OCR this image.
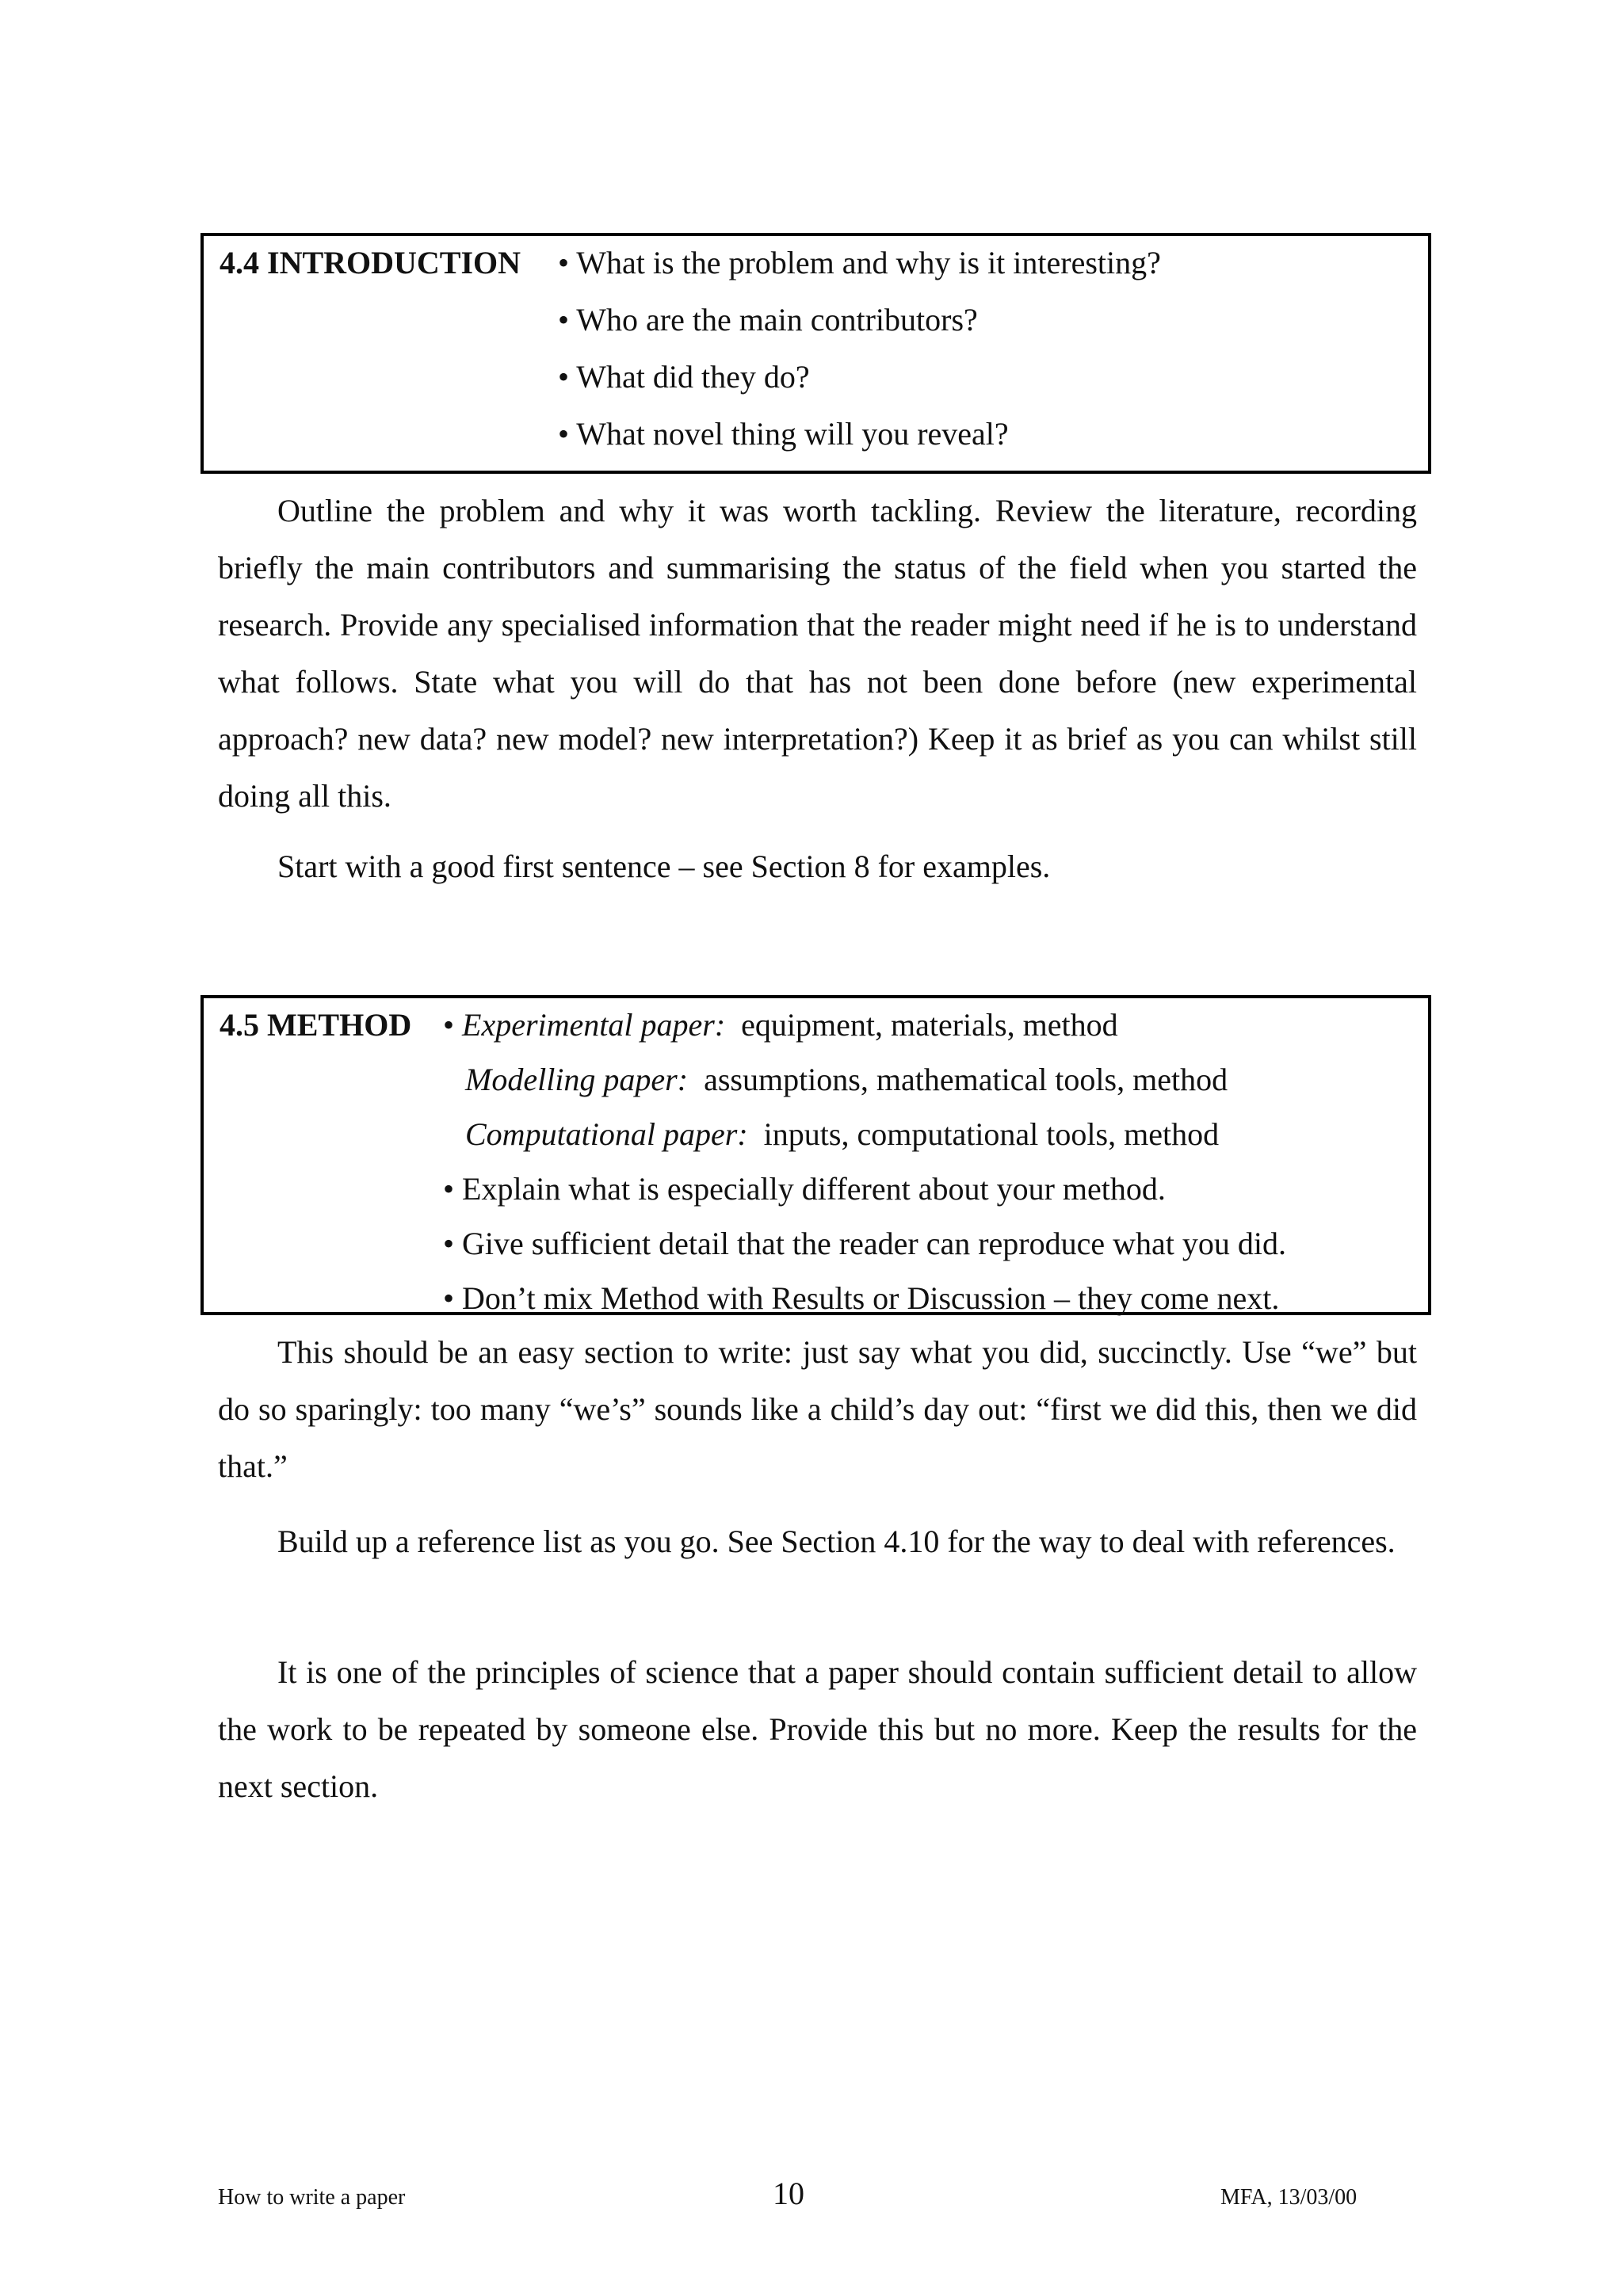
4.4 INTRODUCTION • What is the problem and why is it interesting?
• Who are the main contributors?
• What did they do?
• What novel thing will you reveal?

Outline the problem and why it was worth tackling. Review the literature, recording briefly the main contributors and summarising the status of the field when you started the research. Provide any specialised information that the reader might need if he is to understand what follows. State what you will do that has not been done before (new experimental approach? new data? new model? new interpretation?) Keep it as brief as you can whilst still doing all this.

Start with a good first sentence – see Section 8 for examples.

4.5 METHOD • Experimental paper:  equipment, materials, method
Modelling paper:  assumptions, mathematical tools, method
Computational paper:  inputs, computational tools, method
• Explain what is especially different about your method.
• Give sufficient detail that the reader can reproduce what you did.
• Don’t mix Method with Results or Discussion – they come next.

This should be an easy section to write: just say what you did, succinctly. Use “we” but do so sparingly: too many “we’s” sounds like a child’s day out: “first we did this, then we did that.”

Build up a reference list as you go. See Section 4.10 for the way to deal with references.

It is one of the principles of science that a paper should contain sufficient detail to allow the work to be repeated by someone else. Provide this but no more. Keep the results for the next section.

How to write a paper	10	MFA, 13/03/00
